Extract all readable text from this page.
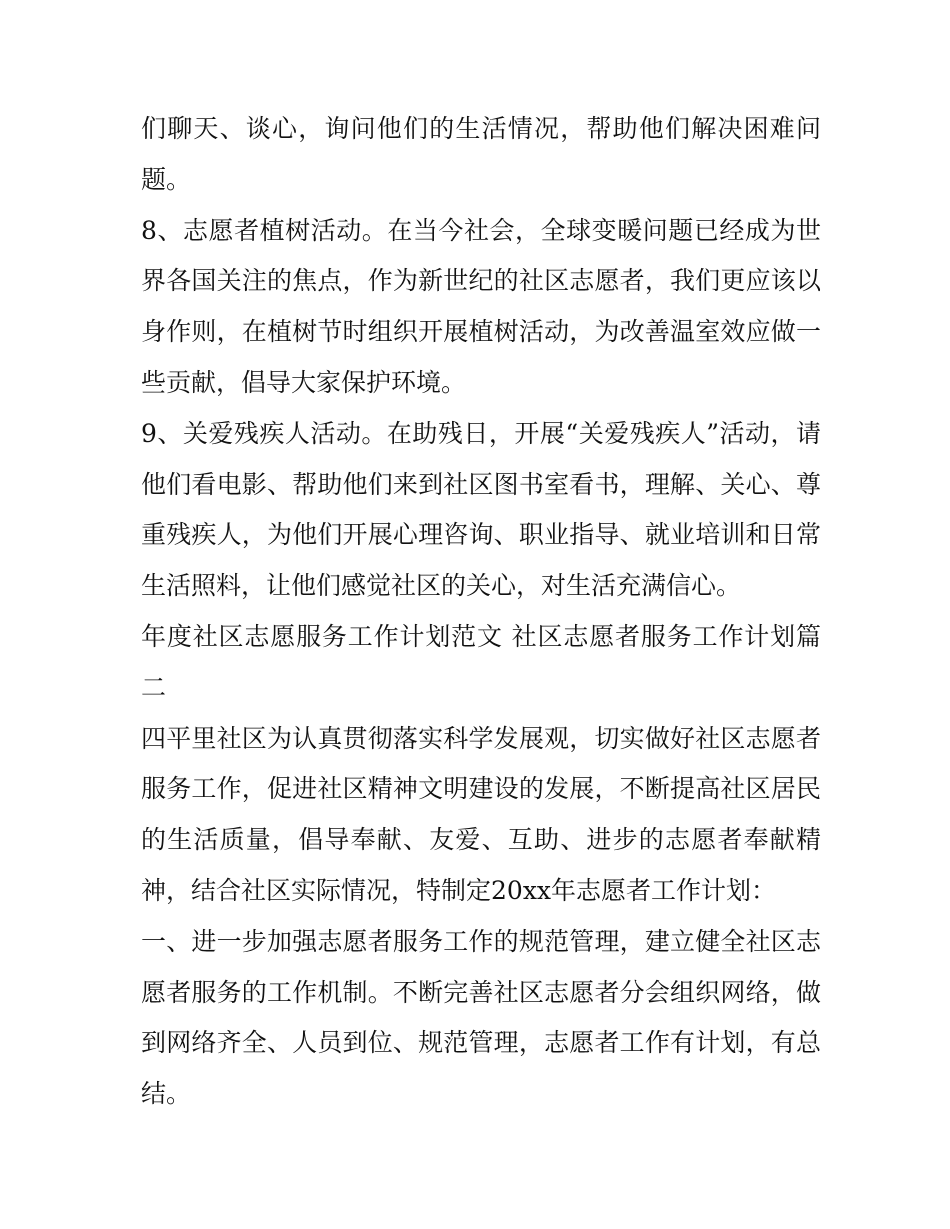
们聊天、谈心，询问他们的生活情况，帮助他们解决困难问题。

8、志愿者植树活动。在当今社会，全球变暖问题已经成为世界各国关注的焦点，作为新世纪的社区志愿者，我们更应该以身作则，在植树节时组织开展植树活动，为改善温室效应做一些贡献，倡导大家保护环境。

9、关爱残疾人活动。在助残日，开展“关爱残疾人”活动，请他们看电影、帮助他们来到社区图书室看书，理解、关心、尊重残疾人，为他们开展心理咨询、职业指导、就业培训和日常生活照料，让他们感觉社区的关心，对生活充满信心。

年度社区志愿服务工作计划范文 社区志愿者服务工作计划篇二

四平里社区为认真贯彻落实科学发展观，切实做好社区志愿者服务工作，促进社区精神文明建设的发展，不断提高社区居民的生活质量，倡导奉献、友爱、互助、进步的志愿者奉献精神，结合社区实际情况，特制定20xx年志愿者工作计划：

一、进一步加强志愿者服务工作的规范管理，建立健全社区志愿者服务的工作机制。不断完善社区志愿者分会组织网络，做到网络齐全、人员到位、规范管理，志愿者工作有计划，有总结。
